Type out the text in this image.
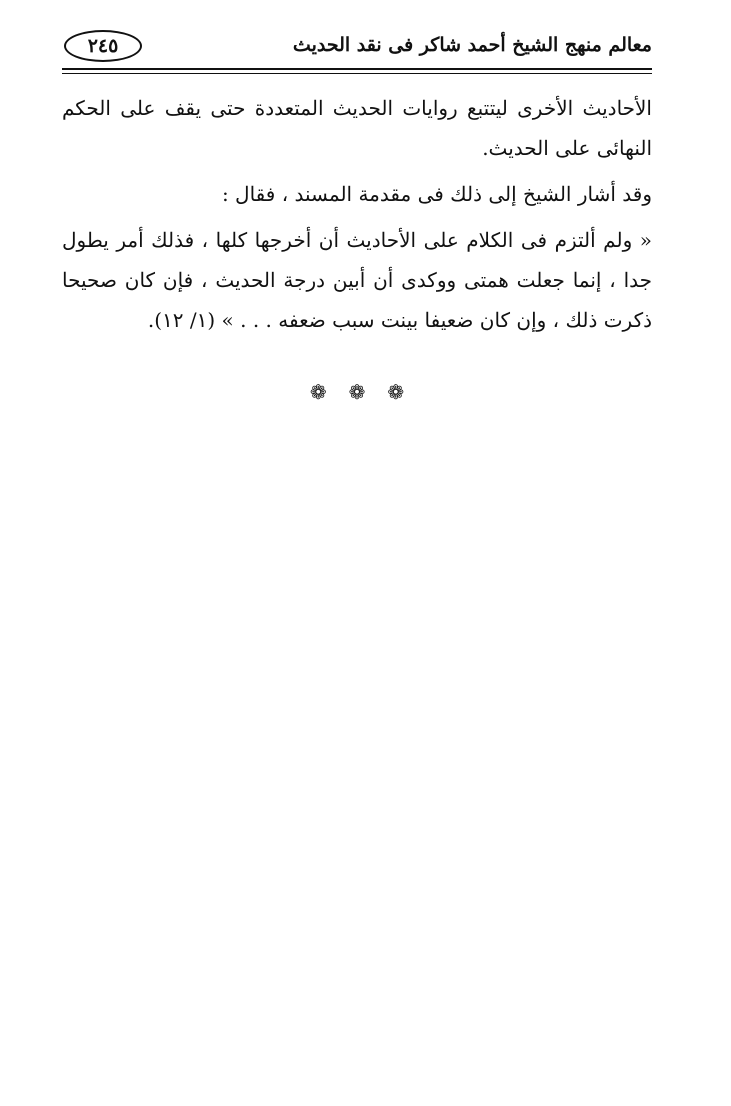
٢٤٥	معالم منهج الشيخ أحمد شاكر فى نقد الحديث

الأحاديث الأخرى ليتتبع روايات الحديث المتعددة حتى يقف على الحكم النهائى على الحديث.

وقد أشار الشيخ إلى ذلك فى مقدمة المسند ، فقال :

« ولم ألتزم فى الكلام على الأحاديث أن أخرجها كلها ، فذلك أمر يطول جدا ، إنما جعلت همتى ووكدى أن أبين درجة الحديث ، فإن كان صحيحا ذكرت ذلك ، وإن كان ضعيفا بينت سبب ضعفه . . . » (١/ ١٢).

❁ ❁ ❁
